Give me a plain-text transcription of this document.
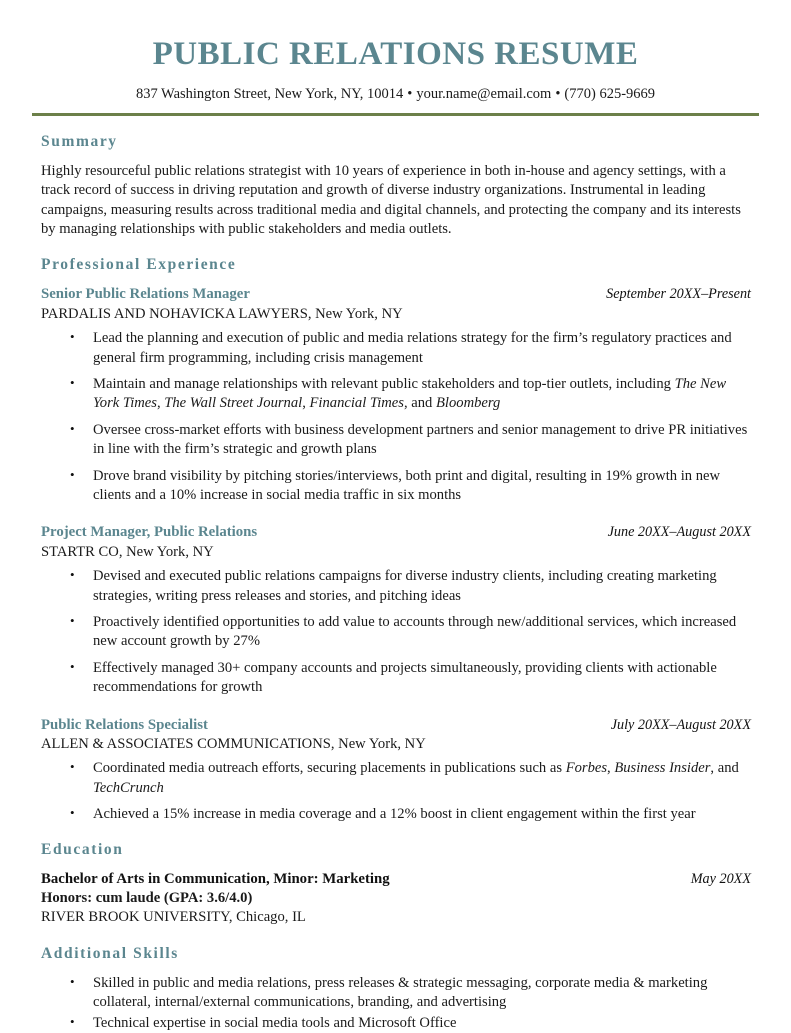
PUBLIC RELATIONS RESUME
837 Washington Street, New York, NY, 10014 • your.name@email.com • (770) 625-9669
Summary

Highly resourceful public relations strategist with 10 years of experience in both in-house and agency settings, with a track record of success in driving reputation and growth of diverse industry organizations. Instrumental in leading campaigns, measuring results across traditional media and digital channels, and protecting the company and its interests by managing relationships with public stakeholders and media outlets.

Professional Experience
Senior Public Relations Manager	September 20XX–Present
PARDALIS AND NOHAVICKA LAWYERS, New York, NY
• Lead the planning and execution of public and media relations strategy for the firm’s regulatory practices and general firm programming, including crisis management
• Maintain and manage relationships with relevant public stakeholders and top-tier outlets, including The New York Times, The Wall Street Journal, Financial Times, and Bloomberg
• Oversee cross-market efforts with business development partners and senior management to drive PR initiatives in line with the firm’s strategic and growth plans
• Drove brand visibility by pitching stories/interviews, both print and digital, resulting in 19% growth in new clients and a 10% increase in social media traffic in six months
Project Manager, Public Relations	June 20XX–August 20XX
STARTR CO, New York, NY
• Devised and executed public relations campaigns for diverse industry clients, including creating marketing strategies, writing press releases and stories, and pitching ideas
• Proactively identified opportunities to add value to accounts through new/additional services, which increased new account growth by 27%
• Effectively managed 30+ company accounts and projects simultaneously, providing clients with actionable recommendations for growth
Public Relations Specialist	July 20XX–August 20XX
ALLEN & ASSOCIATES COMMUNICATIONS, New York, NY
• Coordinated media outreach efforts, securing placements in publications such as Forbes, Business Insider, and TechCrunch
• Achieved a 15% increase in media coverage and a 12% boost in client engagement within the first year
Education
Bachelor of Arts in Communication, Minor: Marketing	May 20XX
Honors: cum laude (GPA: 3.6/4.0)
RIVER BROOK UNIVERSITY, Chicago, IL
Additional Skills
• Skilled in public and media relations, press releases & strategic messaging, corporate media & marketing collateral, internal/external communications, branding, and advertising
• Technical expertise in social media tools and Microsoft Office
